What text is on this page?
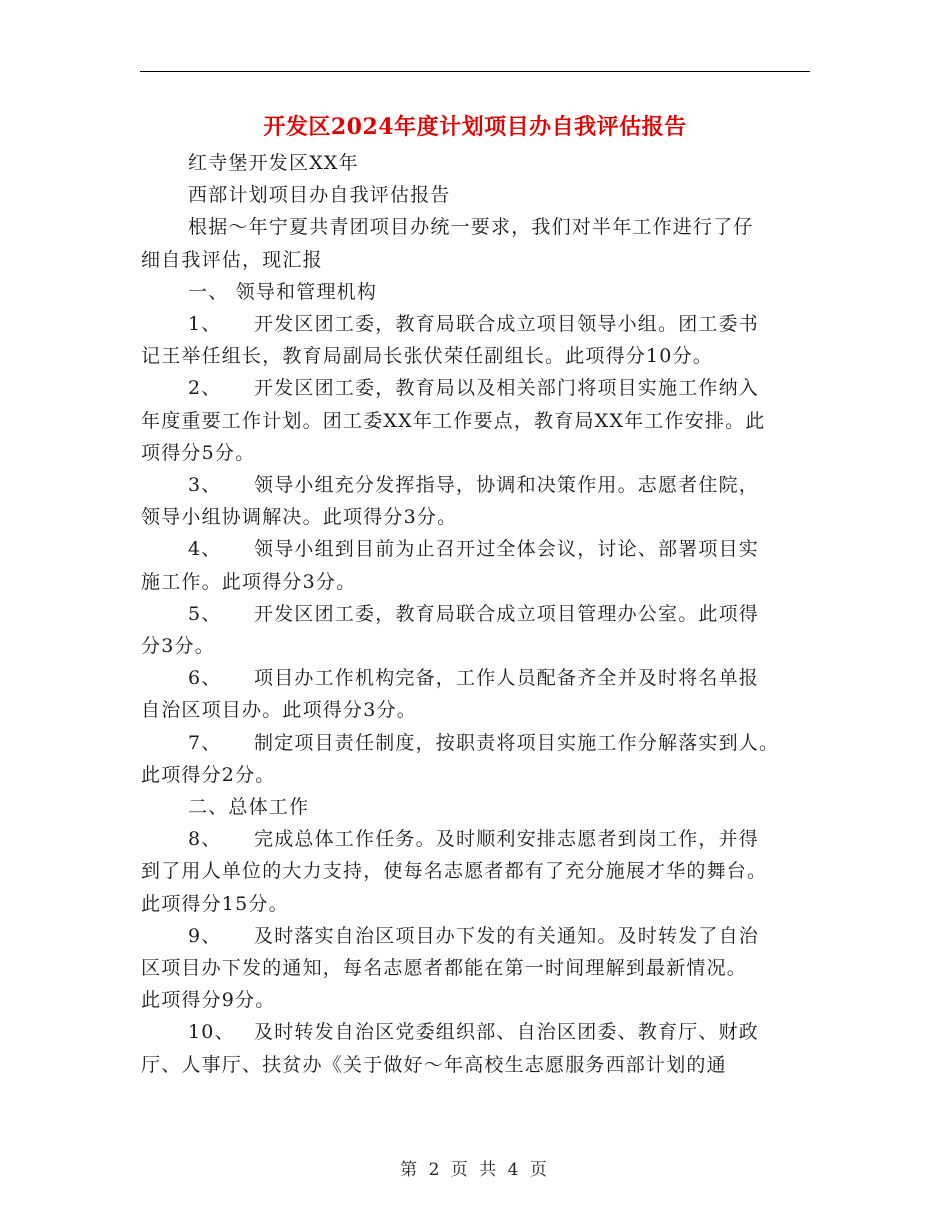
开发区2024年度计划项目办自我评估报告

红寺堡开发区XX年

西部计划项目办自我评估报告

根据～年宁夏共青团项目办统一要求，我们对半年工作进行了仔

细自我评估，现汇报

一、 领导和管理机构

1、 开发区团工委，教育局联合成立项目领导小组。团工委书

记王举任组长，教育局副局长张伏荣任副组长。此项得分10分。

2、 开发区团工委，教育局以及相关部门将项目实施工作纳入

年度重要工作计划。团工委XX年工作要点，教育局XX年工作安排。此

项得分5分。

3、 领导小组充分发挥指导，协调和决策作用。志愿者住院，

领导小组协调解决。此项得分3分。

4、 领导小组到目前为止召开过全体会议，讨论、部署项目实

施工作。此项得分3分。

5、 开发区团工委，教育局联合成立项目管理办公室。此项得

分3分。

6、 项目办工作机构完备，工作人员配备齐全并及时将名单报

自治区项目办。此项得分3分。

7、 制定项目责任制度，按职责将项目实施工作分解落实到人。

此项得分2分。

二、总体工作

8、 完成总体工作任务。及时顺利安排志愿者到岗工作，并得

到了用人单位的大力支持，使每名志愿者都有了充分施展才华的舞台。

此项得分15分。

9、 及时落实自治区项目办下发的有关通知。及时转发了自治

区项目办下发的通知，每名志愿者都能在第一时间理解到最新情况。

此项得分9分。

10、 及时转发自治区党委组织部、自治区团委、教育厅、财政

厅、人事厅、扶贫办《关于做好～年高校生志愿服务西部计划的通

第 2 页 共 4 页
